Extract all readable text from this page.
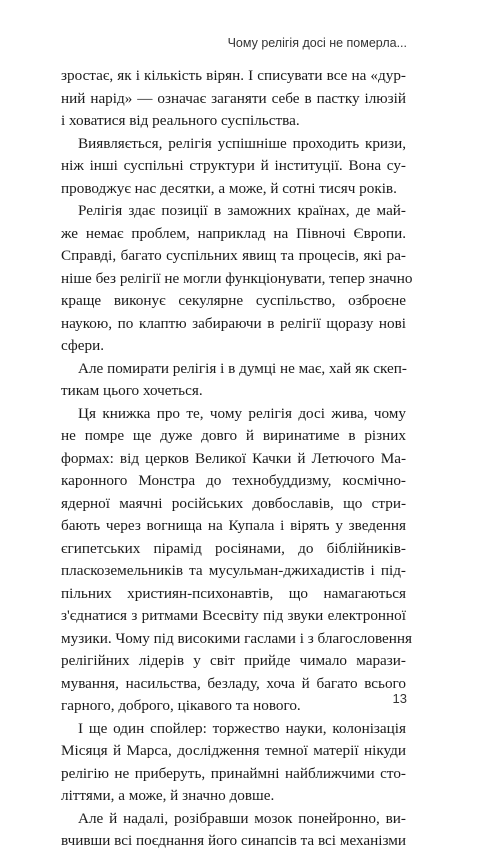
Чому релігія досі не померла...
зростає, як і кількість вірян. І списувати все на «дур-
ний нарід» — означає заганяти себе в пастку ілюзій
і ховатися від реального суспільства.
Виявляється, релігія успішніше проходить кризи,
ніж інші суспільні структури й інституції. Вона су-
проводжує нас десятки, а може, й сотні тисяч років.
Релігія здає позиції в заможних країнах, де май-
же немає проблем, наприклад на Півночі Європи.
Справді, багато суспільних явищ та процесів, які ра-
ніше без релігії не могли функціонувати, тепер значно
краще виконує секулярне суспільство, озброєне
наукою, по клаптю забираючи в релігії щоразу нові
сфери.
Але помирати релігія і в думці не має, хай як скеп-
тикам цього хочеться.
Ця книжка про те, чому релігія досі жива, чому
не помре ще дуже довго й виринатиме в різних
формах: від церков Великої Качки й Летючого Ма-
каронного Монстра до технобуддизму, космічно-
ядерної маячні російських довбославів, що стри-
бають через вогнища на Купала і вірять у зведення
єгипетських пірамід росіянами, до біблійників-
пласкоземельників та мусульман-джихадистів і під-
пільних християн-психонавтів, що намагаються
з'єднатися з ритмами Всесвіту під звуки електронної
музики. Чому під високими гаслами і з благословення
релігійних лідерів у світ прийде чимало марази-
мування, насильства, безладу, хоча й багато всього
гарного, доброго, цікавого та нового.
І ще один спойлер: торжество науки, колонізація
Місяця й Марса, дослідження темної матерії нікуди
релігію не приберуть, принаймні найближчими сто-
літтями, а може, й значно довше.
Але й надалі, розібравши мозок понейронно, ви-
вчивши всі поєднання його синапсів та всі механізми
13
